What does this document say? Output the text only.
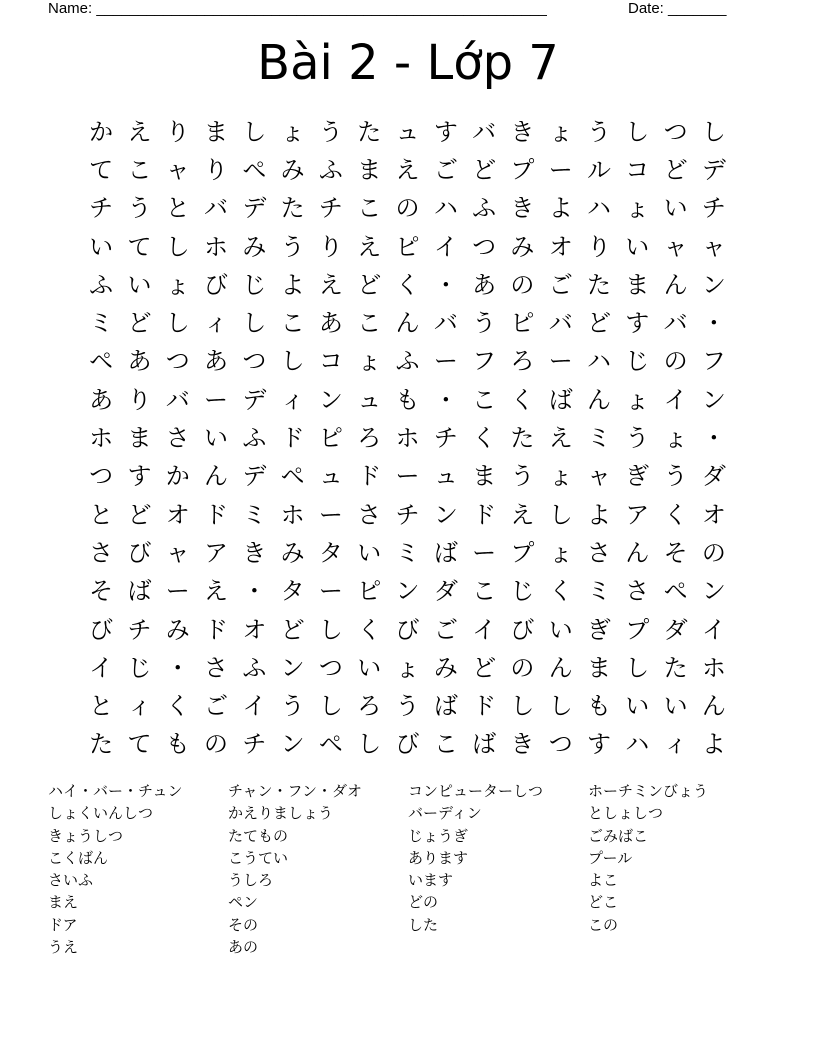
Name: ______________________________________________________	Date: _______
Bài 2 - Lớp 7
か え り ま し ょ う た ュ す バ き ょ う し つ し
て こ ャ り ペ み ふ ま え ご ど プ ー ル コ ど デ
チ う と バ デ た チ こ の ハ ふ き よ ハ ょ い チ
い て し ホ み う り え ピ イ つ み オ り い ャ ャ
ふ い ょ び じ よ え ど く ・ あ の ご た ま ん ン
ミ ど し ィ し こ あ こ ん バ う ピ バ ど す バ ・
ペ あ つ あ つ し コ ょ ふ ー フ ろ ー ハ じ の フ
あ り バ ー デ ィ ン ュ も ・ こ く ば ん ょ イ ン
ホ ま さ い ふ ド ピ ろ ホ チ く た え ミ う ょ ・
つ す か ん デ ペ ュ ド ー ュ ま う ょ ャ ぎ う ダ
と ど オ ド ミ ホ ー さ チ ン ド え し よ ア く オ
さ び ャ ア き み タ い ミ ば ー プ ょ さ ん そ の
そ ば ー え ・ タ ー ピ ン ダ こ じ く ミ さ ペ ン
び チ み ド オ ど し く び ご イ び い ぎ プ ダ イ
イ じ ・ さ ふ ン つ い ょ み ど の ん ま し た ホ
と ィ く ご イ う し ろ う ば ド し し も い い ん
た て も の チ ン ペ し び こ ば き つ す ハ ィ よ
ハイ・バー・チュン
しょくいんしつ
きょうしつ
こくばん
さいふ
まえ
ドア
うえ
チャン・フン・ダオ
かえりましょう
たてもの
こうてい
うしろ
ペン
その
あの
コンピューターしつ
バーディン
じょうぎ
あります
います
どの
した
ホーチミンびょう
としょしつ
ごみばこ
プール
よこ
どこ
この
